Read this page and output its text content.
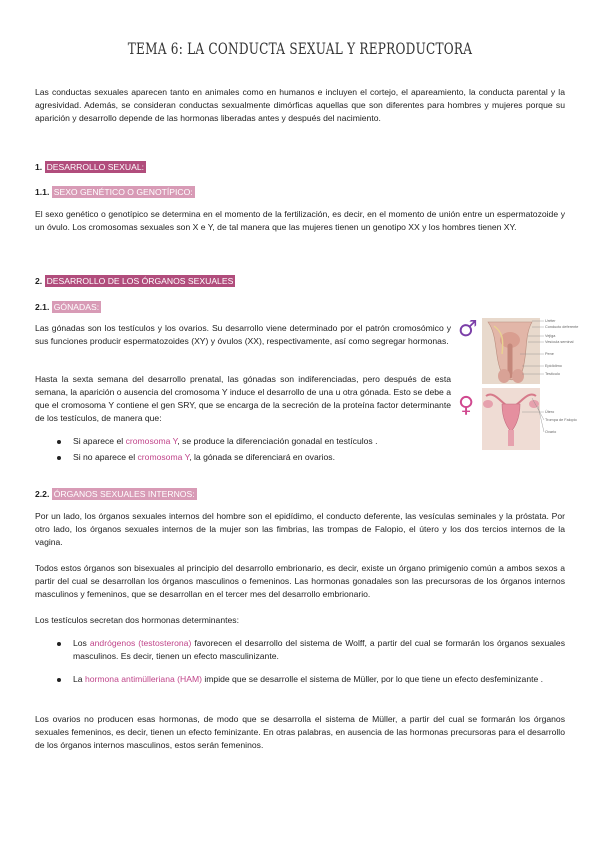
TEMA 6: LA CONDUCTA SEXUAL Y REPRODUCTORA

Las conductas sexuales aparecen tanto en animales como en humanos e incluyen el cortejo, el apareamiento, la conducta parental y la agresividad. Además, se consideran conductas sexualmente dimórficas aquellas que son diferentes para hombres y mujeres porque su aparición y desarrollo depende de las hormonas liberadas antes y después del nacimiento.

1. DESARROLLO SEXUAL:
1.1. SEXO GENÉTICO O GENOTÍPICO:

El sexo genético o genotípico se determina en el momento de la fertilización, es decir, en el momento de unión entre un espermatozoide y un óvulo. Los cromosomas sexuales son X e Y, de tal manera que las mujeres tienen un genotipo XX y los hombres tienen XY.

2. DESARROLLO DE LOS ÓRGANOS SEXUALES
2.1. GÓNADAS:

Las gónadas son los testículos y los ovarios. Su desarrollo viene determinado por el patrón cromosómico y sus funciones producir espermatozoides (XY) y óvulos (XX), respectivamente, así como segregar hormonas.

Hasta la sexta semana del desarrollo prenatal, las gónadas son indiferenciadas, pero después de esta semana, la aparición o ausencia del cromosoma Y induce el desarrollo de una u otra gónada. Esto se debe a que el cromosoma Y contiene el gen SRY, que se encarga de la secreción de la proteína factor determinante de los testículos, de manera que:

Si aparece el cromosoma Y, se produce la diferenciación gonadal en testículos .
Si no aparece el cromosoma Y, la gónada se diferenciará en ovarios.
♂	Uréter
Conducto deferente
Vejiga
Vesícula seminal
Pene
Epidídimo
Testículo
♀	Útero
Trompa de Falopio
Ovario
2.2. ÓRGANOS SEXUALES INTERNOS:

Por un lado, los órganos sexuales internos del hombre son el epidídimo, el conducto deferente, las vesículas seminales y la próstata. Por otro lado, los órganos sexuales internos de la mujer son las fimbrias, las trompas de Falopio, el útero y los dos tercios internos de la vagina.

Todos estos órganos son bisexuales al principio del desarrollo embrionario, es decir, existe un órgano primigenio común a ambos sexos a partir del cual se desarrollan los órganos masculinos o femeninos. Las hormonas gonadales son las precursoras de los órganos internos masculinos y femeninos, que se desarrollan en el tercer mes del desarrollo embrionario.

Los testículos secretan dos hormonas determinantes:

Los andrógenos (testosterona) favorecen el desarrollo del sistema de Wolff, a partir del cual se formarán los órganos sexuales masculinos. Es decir, tienen un efecto masculinizante.
La hormona antimülleriana (HAM) impide que se desarrolle el sistema de Müller, por lo que tiene un efecto desfeminizante .

Los ovarios no producen esas hormonas, de modo que se desarrolla el sistema de Müller, a partir del cual se formarán los órganos sexuales femeninos, es decir, tienen un efecto feminizante. En otras palabras, en ausencia de las hormonas precursoras para el desarrollo de los órganos internos masculinos, estos serán femeninos.
